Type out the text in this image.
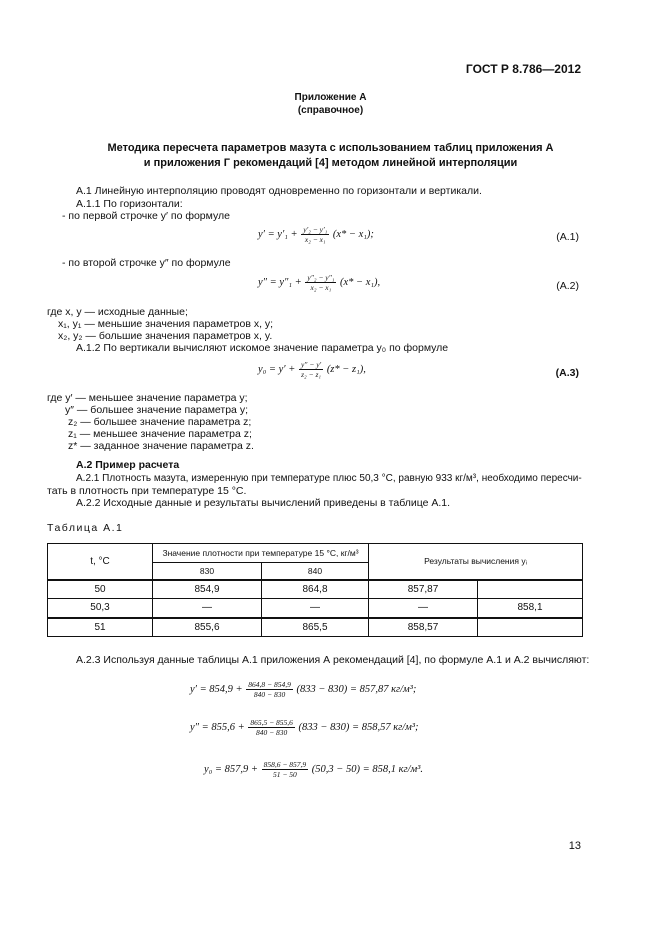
ГОСТ Р 8.786—2012
Приложение А
(справочное)
Методика пересчета параметров мазута с использованием таблиц приложения А
и приложения Г рекомендаций [4] методом линейной интерполяции
А.1 Линейную интерполяцию проводят одновременно по горизонтали и вертикали.
А.1.1 По горизонтали:
- по первой строчке y′ по формуле
$y' = y'_1 + \frac{\text{y′₂ − y′₁}}{\text{x₂ − x₁}} (x* - x_1)$;	(А.1)
- по второй строчке y″ по формуле
$y'' = y''_1 + \frac{\text{y″₂ − y″₁}}{\text{x₂ − x₁}} (x* - x_1)$,	(А.2)
где x, y — исходные данные;
x₁, y₁ — меньшие значения параметров x, y;
x₂, y₂ — большие значения параметров x, y.
А.1.2 По вертикали вычисляют искомое значение параметра y₀ по формуле
$y_0 = y' + \frac{y'' - y'}{\text{z₂ − z₁}} (z* - z_1)$,	(А.3)
где y′ — меньшее значение параметра y;
y″ — большее значение параметра y;
z₂ — большее значение параметра z;
z₁ — меньшее значение параметра z;
z* — заданное значение параметра z.
А.2 Пример расчета
А.2.1 Плотность мазута, измеренную при температуре плюс 50,3 °С, равную 933 кг/м³, необходимо пересчи-
тать в плотность при температуре 15 °С.
А.2.2 Исходные данные и результаты вычислений приведены в таблице А.1.
Таблица А.1
t, °С	Значение плотности при температуре 15 °С, кг/м³		Результаты вычисления yᵢ	
	830	840		
50	854,9	864,8	857,87	
50,3	—	—	—	858,1
51	855,6	865,5	858,57	
А.2.3 Используя данные таблицы А.1 приложения А рекомендаций [4], по формуле А.1 и А.2 вычисляют:
$y' = 854,9 + \frac{864,8 - 854,9}{840 - 830} (833 - 830) = 857,87$ кг/м³;
$y'' = 855,6 + \frac{865,5 - 855,6}{840 - 830} (833 - 830) = 858,57$ кг/м³;
$y_0 = 857,9 + \frac{858,6 - 857,9}{51 - 50} (50,3 - 50) = 858,1$ кг/м³.
13
